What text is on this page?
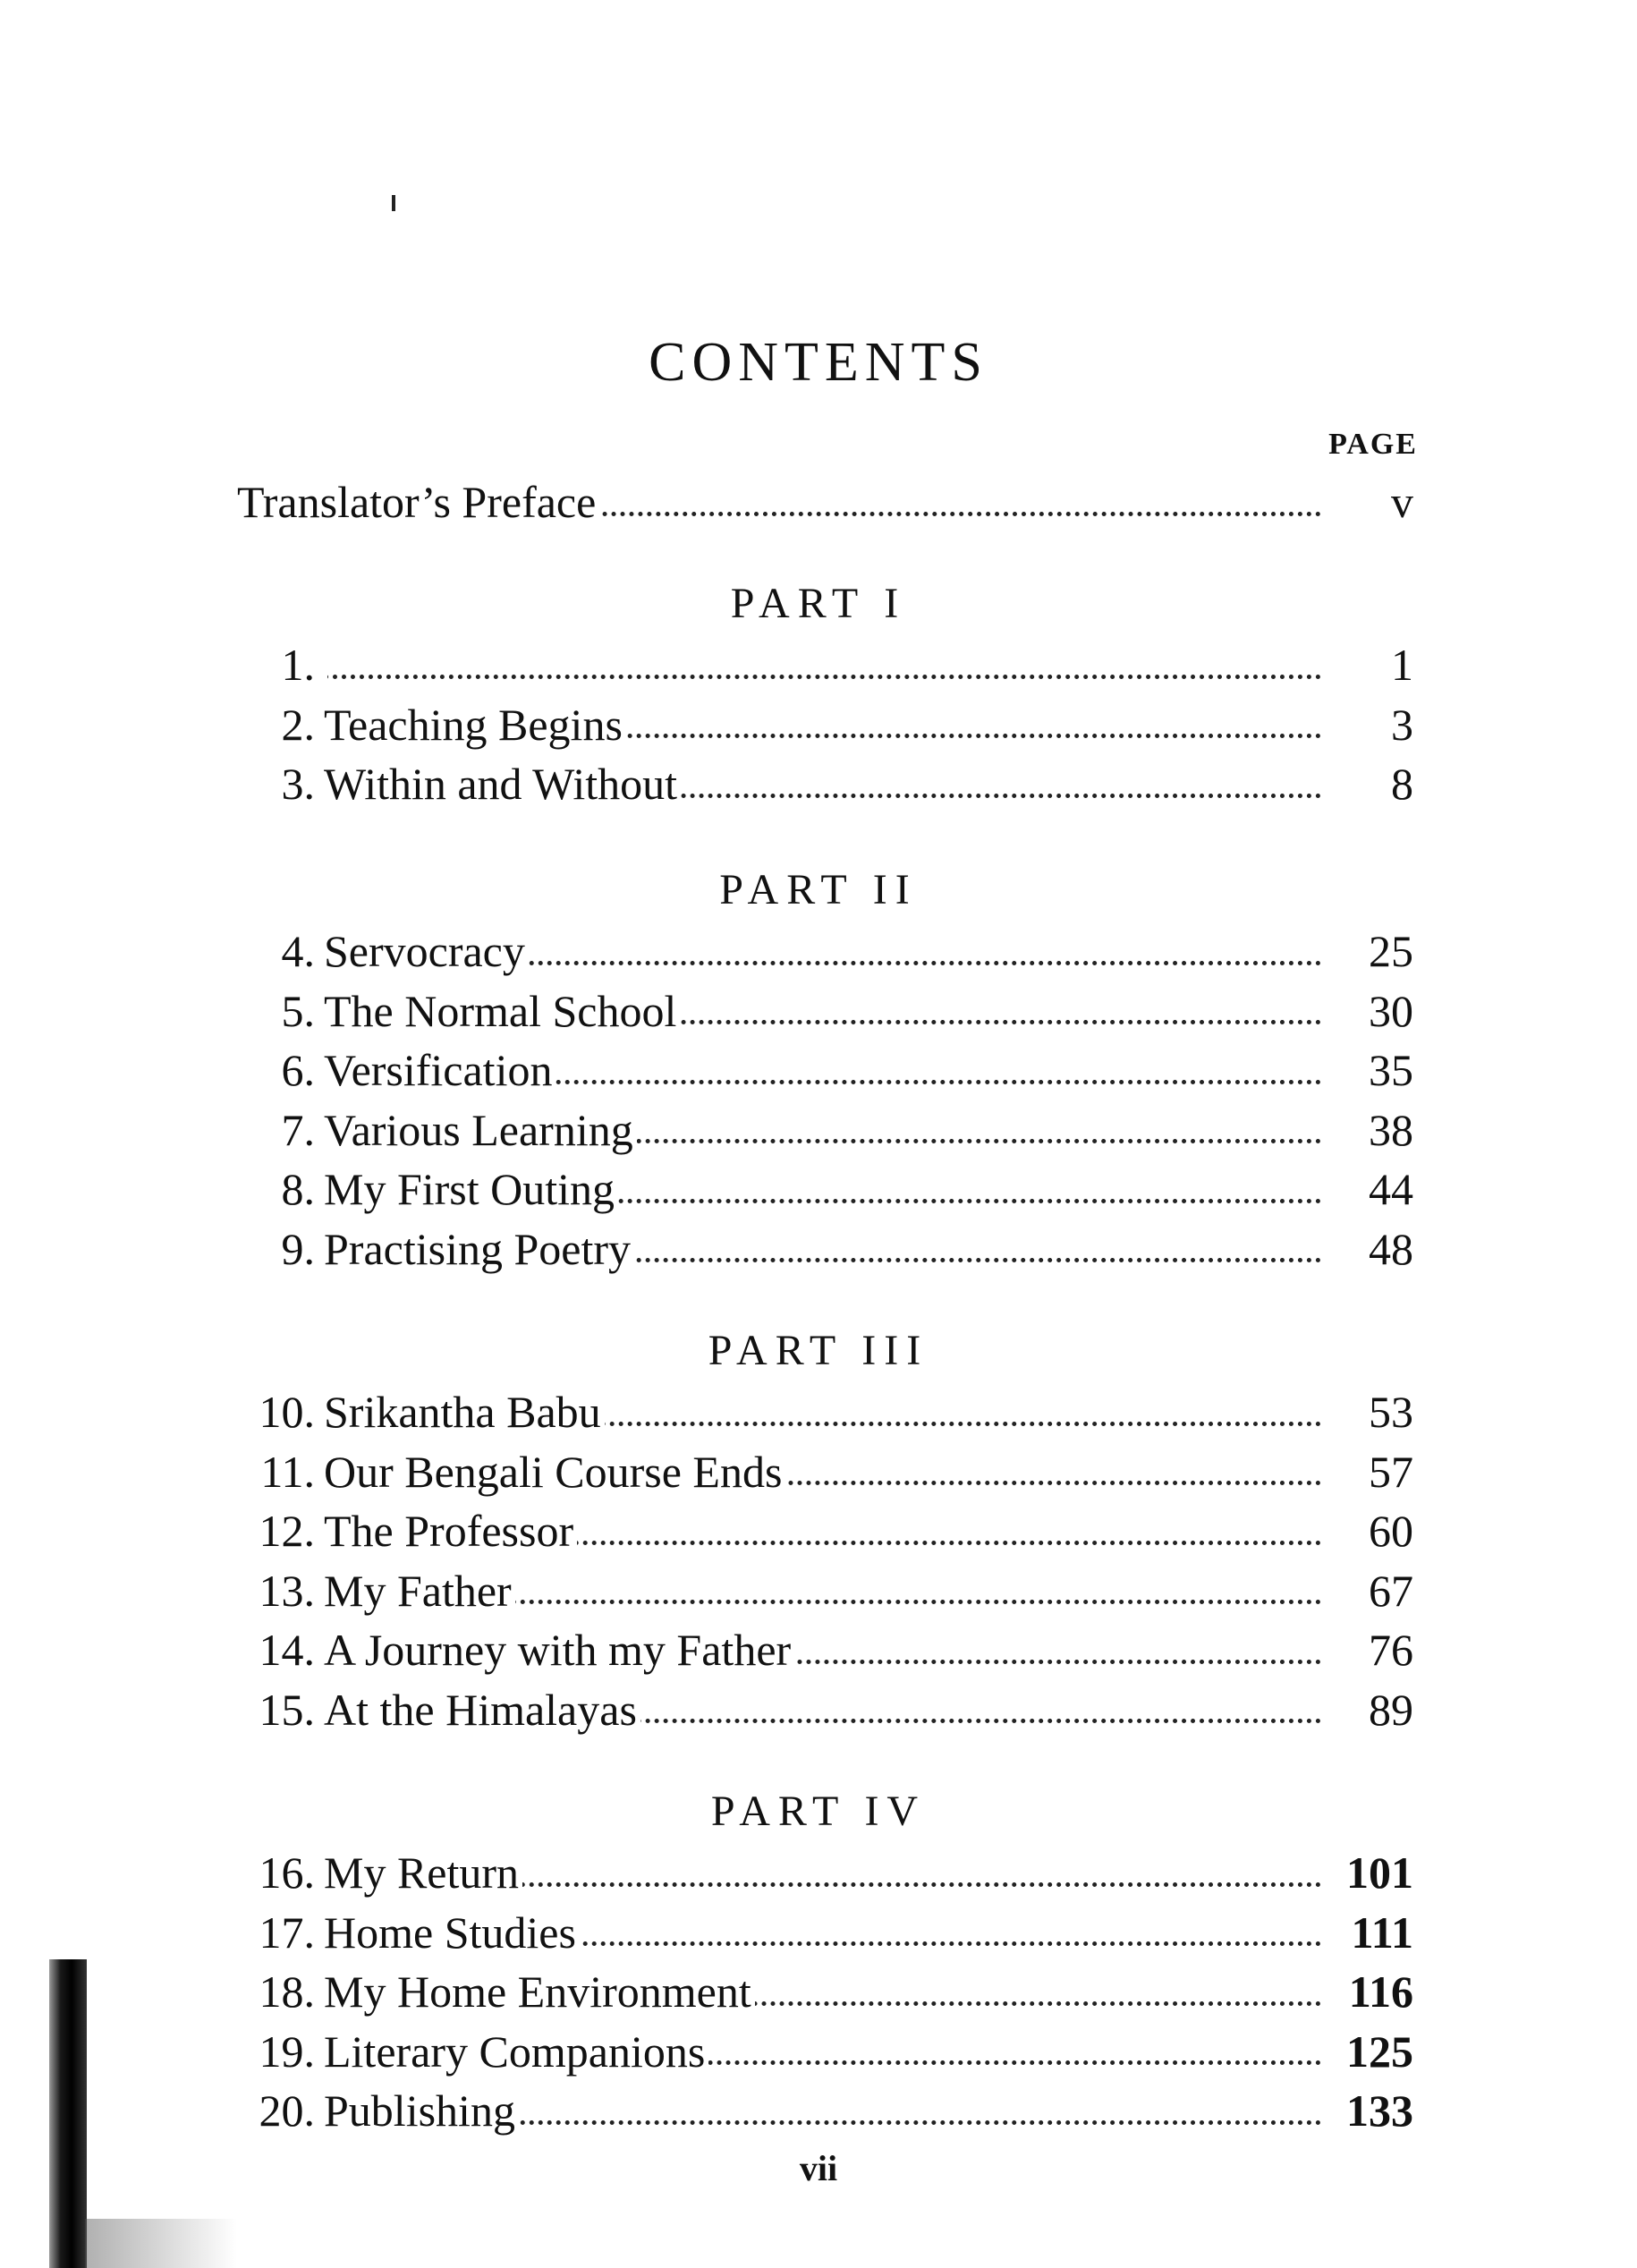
CONTENTS
PAGE
Translator’s Preface	v
PART I
1.	1
2. Teaching Begins	3
3. Within and Without	8
PART II
4. Servocracy	25
5. The Normal School	30
6. Versification	35
7. Various Learning	38
8. My First Outing	44
9. Practising Poetry	48
PART III
10. Srikantha Babu	53
11. Our Bengali Course Ends	57
12. The Professor	60
13. My Father	67
14. A Journey with my Father	76
15. At the Himalayas	89
PART IV
16. My Return	101
17. Home Studies	111
18. My Home Environment	116
19. Literary Companions	125
20. Publishing	133
vii
